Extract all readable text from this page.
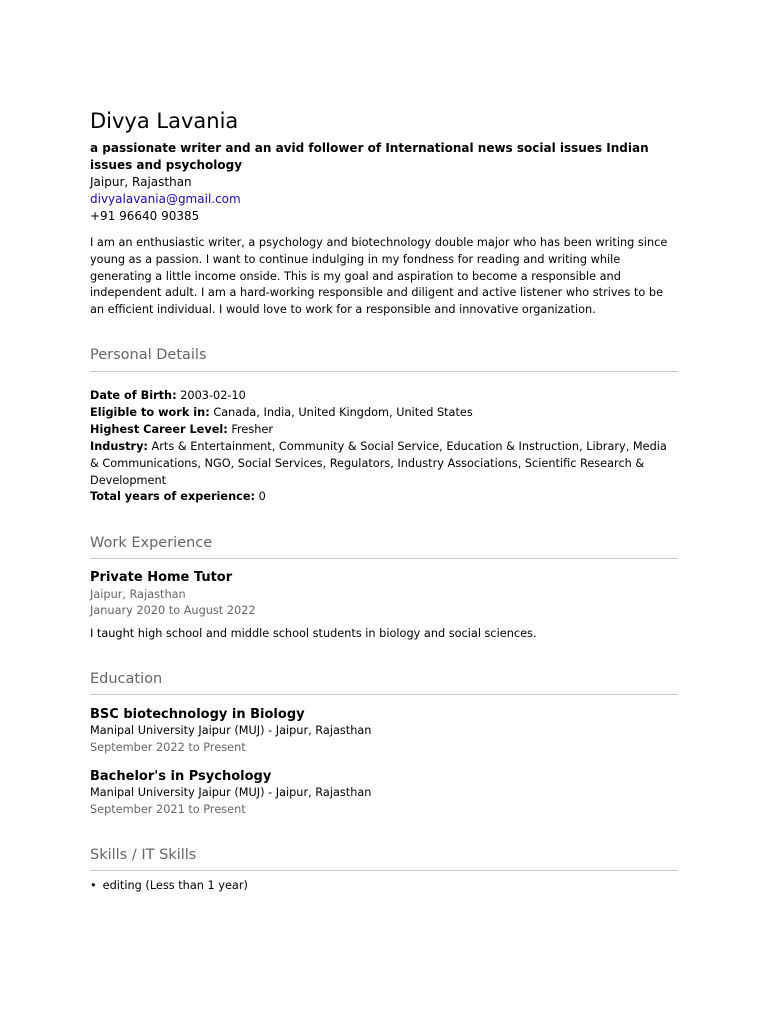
Divya Lavania
a passionate writer and an avid follower of International news social issues Indian issues and psychology
Jaipur, Rajasthan
divyalavania@gmail.com
+91 96640 90385
I am an enthusiastic writer, a psychology and biotechnology double major who has been writing since young as a passion. I want to continue indulging in my fondness for reading and writing while generating a little income onside. This is my goal and aspiration to become a responsible and independent adult. I am a hard-working responsible and diligent and active listener who strives to be an efficient individual. I would love to work for a responsible and innovative organization.
Personal Details
Date of Birth: 2003-02-10
Eligible to work in: Canada, India, United Kingdom, United States
Highest Career Level: Fresher
Industry: Arts & Entertainment, Community & Social Service, Education & Instruction, Library, Media & Communications, NGO, Social Services, Regulators, Industry Associations, Scientific Research & Development
Total years of experience: 0
Work Experience
Private Home Tutor
Jaipur, Rajasthan
January 2020 to August 2022
I taught high school and middle school students in biology and social sciences.
Education
BSC biotechnology in Biology
Manipal University Jaipur (MUJ) - Jaipur, Rajasthan
September 2022 to Present
Bachelor's in Psychology
Manipal University Jaipur (MUJ) - Jaipur, Rajasthan
September 2021 to Present
Skills / IT Skills
• editing (Less than 1 year)
